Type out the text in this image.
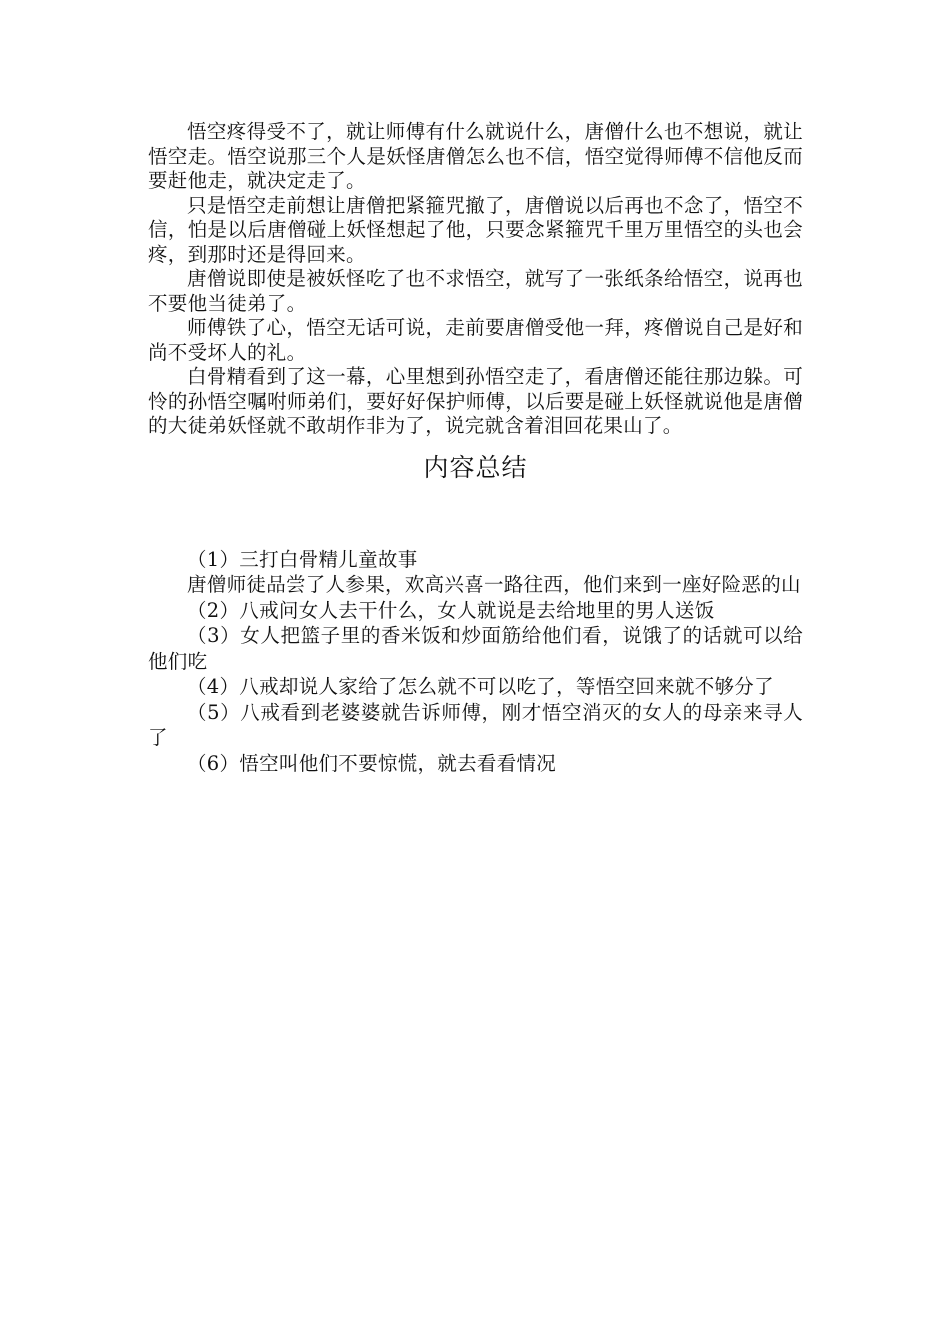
悟空疼得受不了，就让师傅有什么就说什么，唐僧什么也不想说，就让悟空走。悟空说那三个人是妖怪唐僧怎么也不信，悟空觉得师傅不信他反而要赶他走，就决定走了。

只是悟空走前想让唐僧把紧箍咒撤了，唐僧说以后再也不念了，悟空不信，怕是以后唐僧碰上妖怪想起了他，只要念紧箍咒千里万里悟空的头也会疼，到那时还是得回来。

唐僧说即使是被妖怪吃了也不求悟空，就写了一张纸条给悟空，说再也不要他当徒弟了。

师傅铁了心，悟空无话可说，走前要唐僧受他一拜，疼僧说自己是好和尚不受坏人的礼。

白骨精看到了这一幕，心里想到孙悟空走了，看唐僧还能往那边躲。可怜的孙悟空嘱咐师弟们，要好好保护师傅，以后要是碰上妖怪就说他是唐僧的大徒弟妖怪就不敢胡作非为了，说完就含着泪回花果山了。

内容总结

（1）三打白骨精儿童故事

唐僧师徒品尝了人参果，欢高兴喜一路往西，他们来到一座好险恶的山

（2）八戒问女人去干什么，女人就说是去给地里的男人送饭

（3）女人把篮子里的香米饭和炒面筋给他们看，说饿了的话就可以给他们吃

（4）八戒却说人家给了怎么就不可以吃了，等悟空回来就不够分了

（5）八戒看到老婆婆就告诉师傅，刚才悟空消灭的女人的母亲来寻人了

（6）悟空叫他们不要惊慌，就去看看情况
